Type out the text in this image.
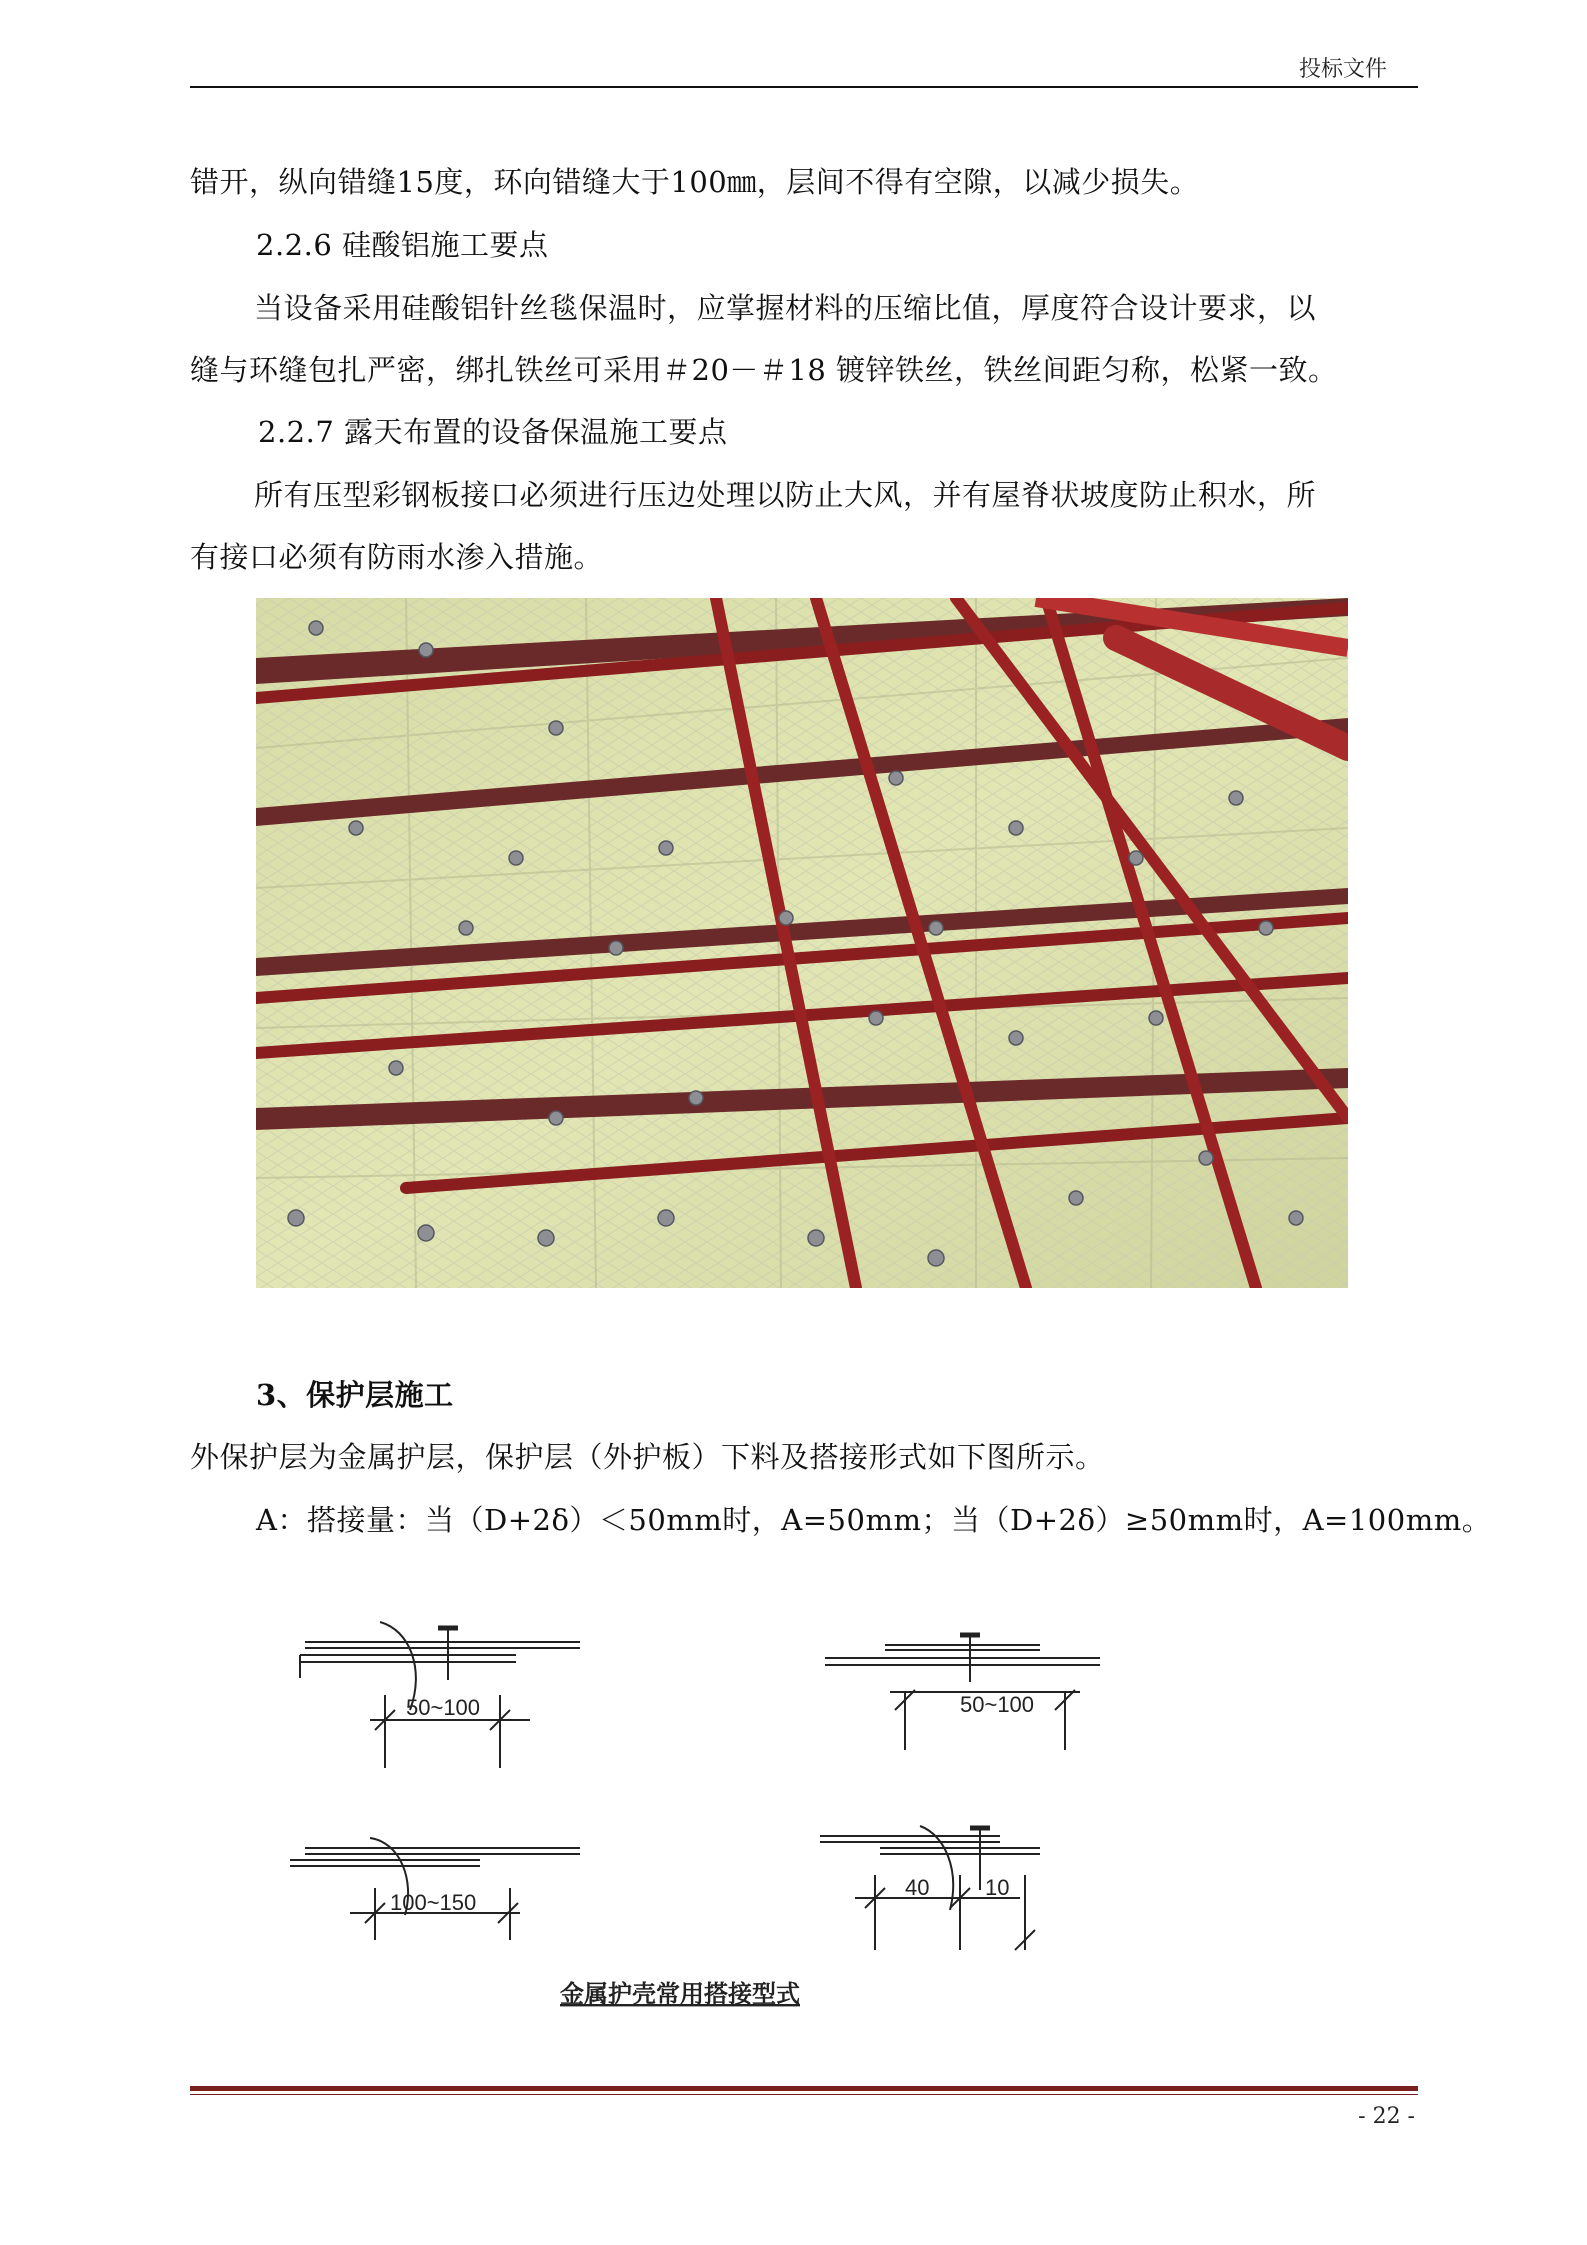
投标文件
错开，纵向错缝15度，环向错缝大于100㎜，层间不得有空隙，以减少损失。
2.2.6 硅酸铝施工要点
当设备采用硅酸铝针丝毯保温时，应掌握材料的压缩比值，厚度符合设计要求，以
缝与环缝包扎严密，绑扎铁丝可采用＃20－＃18 镀锌铁丝，铁丝间距匀称，松紧一致。
2.2.7 露天布置的设备保温施工要点
所有压型彩钢板接口必须进行压边处理以防止大风，并有屋脊状坡度防止积水，所
有接口必须有防雨水渗入措施。
3、保护层施工
外保护层为金属护层，保护层（外护板）下料及搭接形式如下图所示。
A：搭接量：当（D+2δ）＜50mm时，A=50mm；当（D+2δ）≥50mm时，A=100mm。
50~100	50~100
100~150
40	10
金属护壳常用搭接型式
- 22 -
